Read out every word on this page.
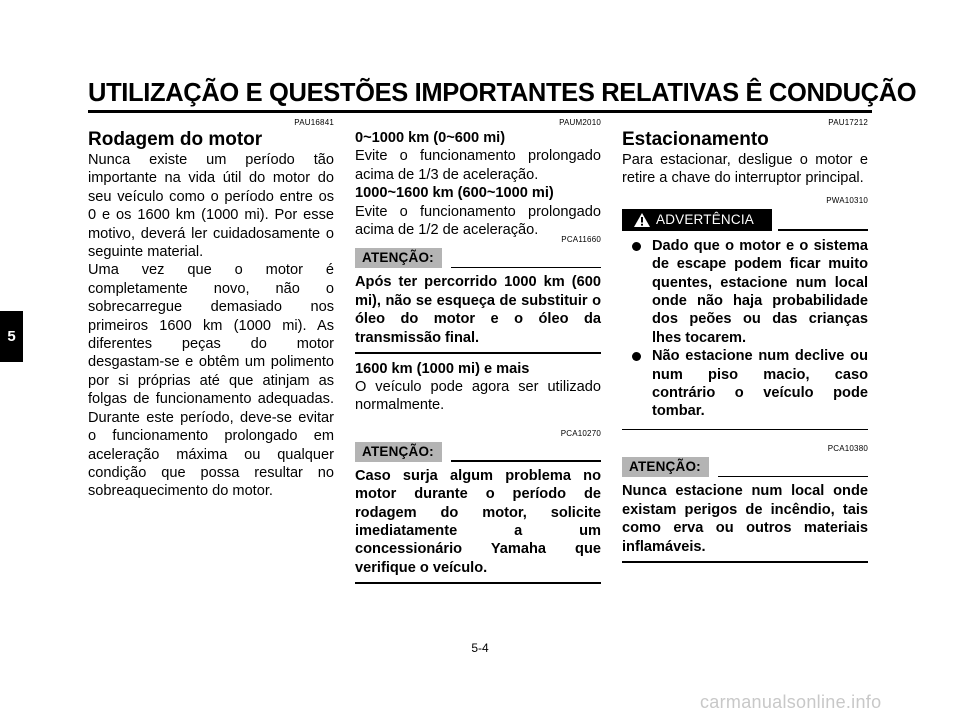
UTILIZAÇÃO E QUESTÕES IMPORTANTES RELATIVAS Ê CONDUÇÃO
5
PAU16841
Rodagem do motor

Nunca existe um período tão importante na vida útil do motor do seu veículo como o período entre os 0 e os 1600 km (1000 mi). Por esse motivo, deverá ler cuidadosamente o seguinte material.

Uma vez que o motor é completamente novo, não o sobrecarregue demasiado nos primeiros 1600 km (1000 mi). As diferentes peças do motor desgastam-se e obtêm um polimento por si próprias até que atinjam as folgas de funcionamento adequadas. Durante este período, deve-se evitar o funcionamento prolongado em aceleração máxima ou qualquer condição que possa resultar no sobreaquecimento do motor.

PAUM2010
0~1000 km (0~600 mi)

Evite o funcionamento prolongado acima de 1/3 de aceleração.

1000~1600 km (600~1000 mi)

Evite o funcionamento prolongado acima de 1/2 de aceleração.

PCA11660
ATENÇÃO:
Após ter percorrido 1000 km (600 mi), não se esqueça de substituir o óleo do motor e o óleo da transmissão final.
1600 km (1000 mi) e mais

O veículo pode agora ser utilizado normalmente.

PCA10270
ATENÇÃO:
Caso surja algum problema no motor durante o período de rodagem do motor, solicite imediatamente a um concessionário Yamaha que verifique o veículo.
PAU17212
Estacionamento

Para estacionar, desligue o motor e retire a chave do interruptor principal.

PWA10310
ADVERTÊNCIA
Dado que o motor e o sistema de escape podem ficar muito quentes, estacione num local onde não haja probabilidade dos peões ou das crianças lhes tocarem.
Não estacione num declive ou num piso macio, caso contrário o veículo pode tombar.
PCA10380
ATENÇÃO:
Nunca estacione num local onde existam perigos de incêndio, tais como erva ou outros materiais inflamáveis.
5-4
carmanualsonline.info
